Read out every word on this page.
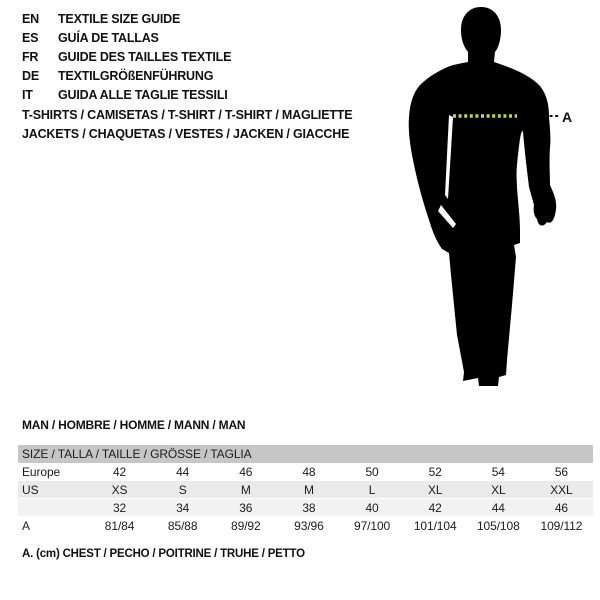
EN	TEXTILE SIZE GUIDE
ES	GUÍA DE TALLAS
FR	GUIDE DES TAILLES TEXTILE
DE	TEXTILGRÖßENFÜHRUNG
IT	GUIDA ALLE TAGLIE TESSILI
T-SHIRTS / CAMISETAS / T-SHIRT / T-SHIRT / MAGLIETTE
JACKETS / CHAQUETAS / VESTES / JACKEN / GIACCHE
A
MAN / HOMBRE / HOMME / MANN / MAN
SIZE / TALLA / TAILLE / GRÖSSE / TAGLIA								
Europe	42	44	46	48	50	52	54	56
US	XS	S	M	M	L	XL	XL	XXL
	32	34	36	38	40	42	44	46
A	81/84	85/88	89/92	93/96	97/100	101/104	105/108	109/112
A. (cm) CHEST / PECHO / POITRINE / TRUHE / PETTO
